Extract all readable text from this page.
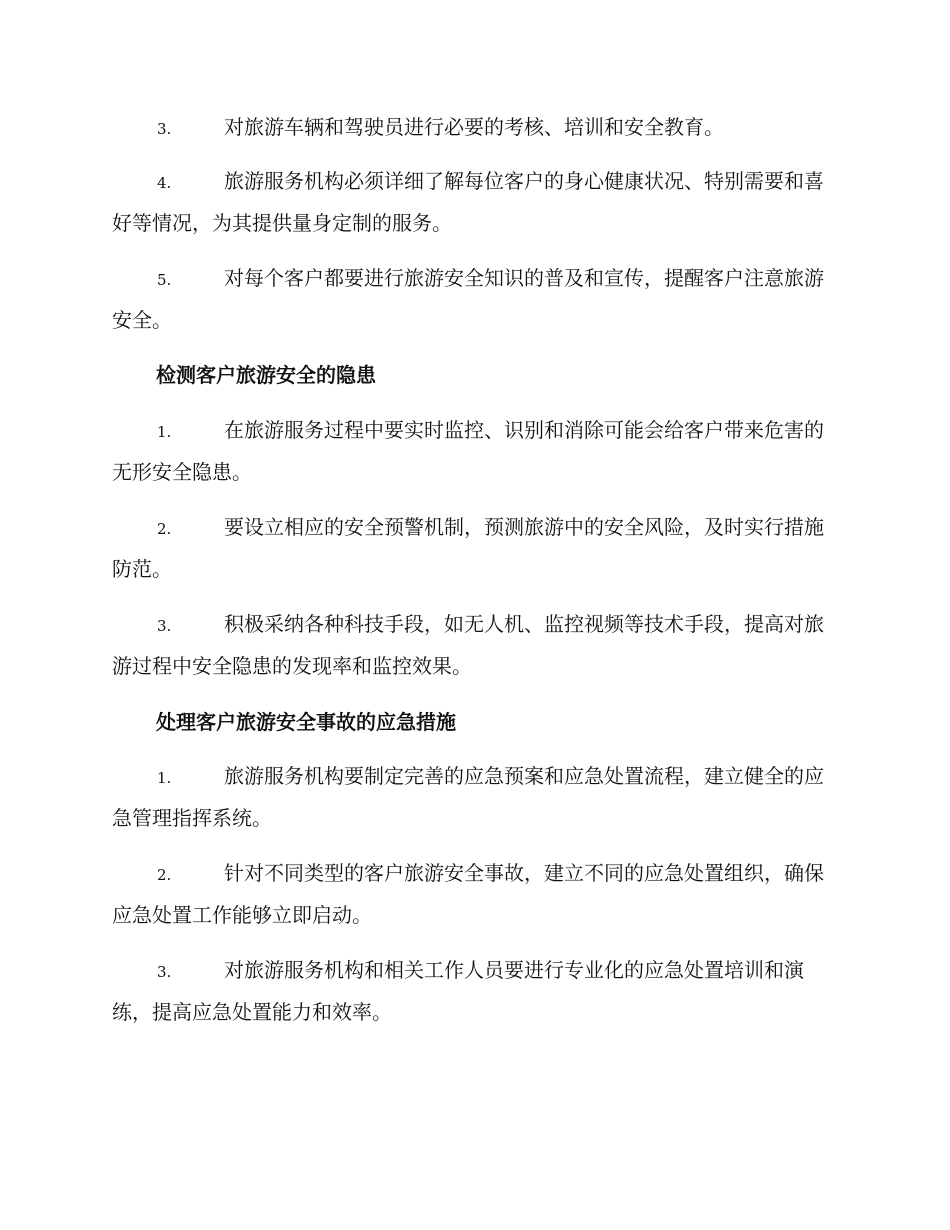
3.	对旅游车辆和驾驶员进行必要的考核、培训和安全教育。

4.	旅游服务机构必须详细了解每位客户的身心健康状况、特别需要和喜好等情况，为其提供量身定制的服务。

5.	对每个客户都要进行旅游安全知识的普及和宣传，提醒客户注意旅游安全。

检测客户旅游安全的隐患

1.	在旅游服务过程中要实时监控、识别和消除可能会给客户带来危害的无形安全隐患。

2.	要设立相应的安全预警机制，预测旅游中的安全风险，及时实行措施防范。

3.	积极采纳各种科技手段，如无人机、监控视频等技术手段，提高对旅游过程中安全隐患的发现率和监控效果。

处理客户旅游安全事故的应急措施

1.	旅游服务机构要制定完善的应急预案和应急处置流程，建立健全的应急管理指挥系统。

2.	针对不同类型的客户旅游安全事故，建立不同的应急处置组织，确保应急处置工作能够立即启动。

3.	对旅游服务机构和相关工作人员要进行专业化的应急处置培训和演练，提高应急处置能力和效率。
